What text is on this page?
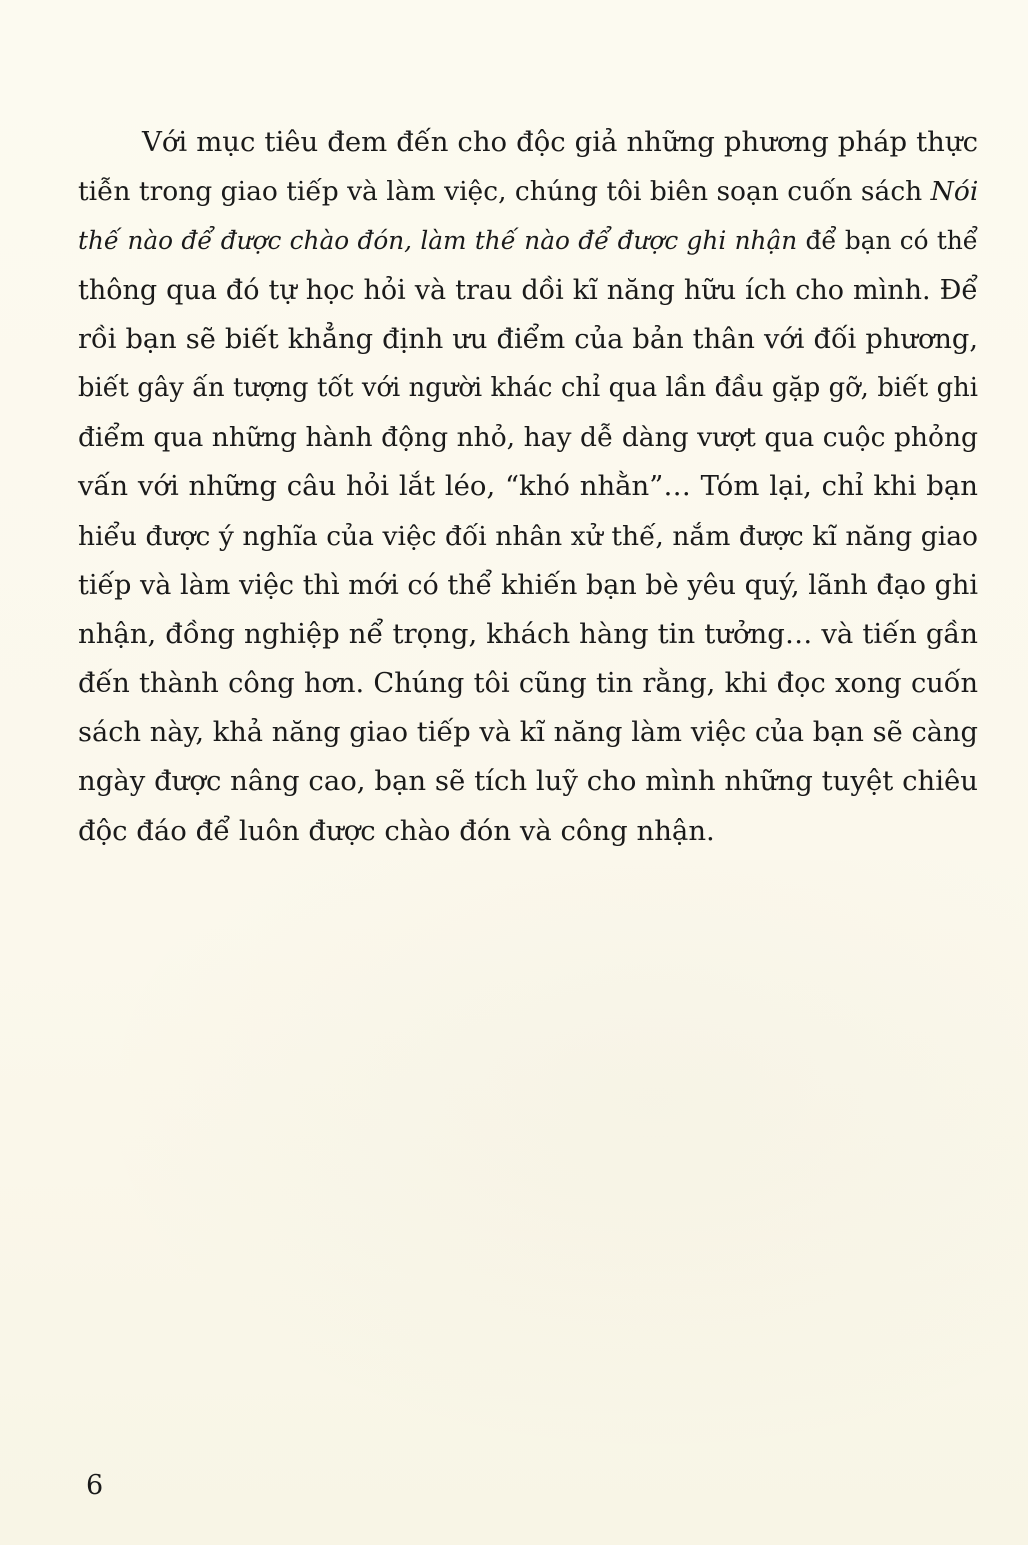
Với mục tiêu đem đến cho độc giả những phương pháp thực
tiễn trong giao tiếp và làm việc, chúng tôi biên soạn cuốn sách Nói
thế nào để được chào đón, làm thế nào để được ghi nhận để bạn có thể
thông qua đó tự học hỏi và trau dồi kĩ năng hữu ích cho mình. Để
rồi bạn sẽ biết khẳng định ưu điểm của bản thân với đối phương,
biết gây ấn tượng tốt với người khác chỉ qua lần đầu gặp gỡ, biết ghi
điểm qua những hành động nhỏ, hay dễ dàng vượt qua cuộc phỏng
vấn với những câu hỏi lắt léo, “khó nhằn”… Tóm lại, chỉ khi bạn
hiểu được ý nghĩa của việc đối nhân xử thế, nắm được kĩ năng giao
tiếp và làm việc thì mới có thể khiến bạn bè yêu quý, lãnh đạo ghi
nhận, đồng nghiệp nể trọng, khách hàng tin tưởng… và tiến gần
đến thành công hơn. Chúng tôi cũng tin rằng, khi đọc xong cuốn
sách này, khả năng giao tiếp và kĩ năng làm việc của bạn sẽ càng
ngày được nâng cao, bạn sẽ tích luỹ cho mình những tuyệt chiêu
độc đáo để luôn được chào đón và công nhận.
6
